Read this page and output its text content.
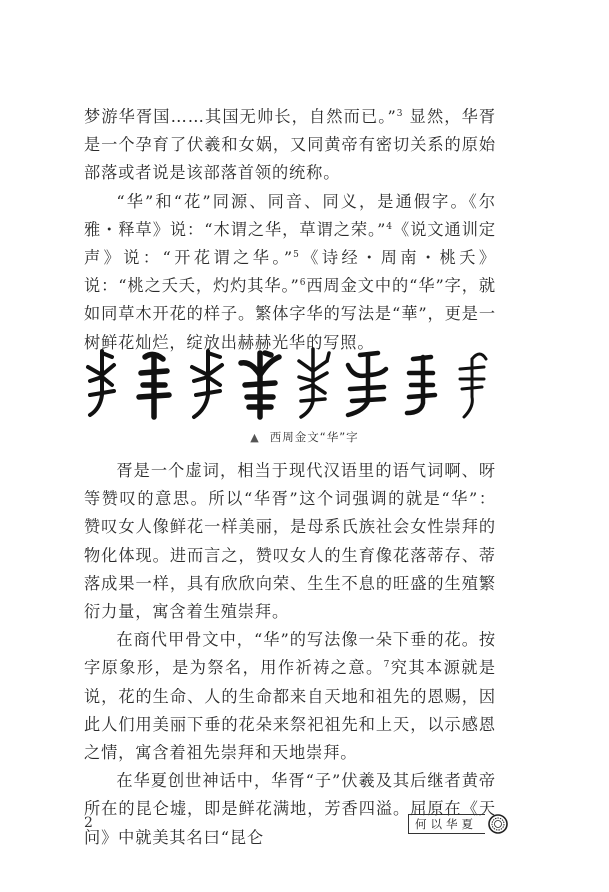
梦游华胥国……其国无帅长，自然而已。”$^3$ 显然，华胥是一个孕育了伏羲和女娲，又同黄帝有密切关系的原始部落或者说是该部落首领的统称。

“华”和“花”同源、同音、同义，是通假字。《尔雅・释草》说：“木谓之华，草谓之荣。”$^4$《说文通训定声》说：“开花谓之华。”$^5$《诗经・周南・桃夭》说：“桃之夭夭，灼灼其华。”$^6$西周金文中的“华”字，就如同草木开花的样子。繁体字华的写法是“華”，更是一树鲜花灿烂，绽放出赫赫光华的写照。

▲ 西周金文“华”字

胥是一个虚词，相当于现代汉语里的语气词啊、呀等赞叹的意思。所以“华胥”这个词强调的就是“华”：赞叹女人像鲜花一样美丽，是母系氏族社会女性崇拜的物化体现。进而言之，赞叹女人的生育像花落蒂存、蒂落成果一样，具有欣欣向荣、生生不息的旺盛的生殖繁衍力量，寓含着生殖崇拜。

在商代甲骨文中，“华”的写法像一朵下垂的花。按字原象形，是为祭名，用作祈祷之意。$^7$究其本源就是说，花的生命、人的生命都来自天地和祖先的恩赐，因此人们用美丽下垂的花朵来祭祀祖先和上天，以示感恩之情，寓含着祖先崇拜和天地崇拜。

在华夏创世神话中，华胥“子”伏羲及其后继者黄帝所在的昆仑墟，即是鲜花满地，芳香四溢。屈原在《天问》中就美其名曰“昆仑

2	何以华夏
